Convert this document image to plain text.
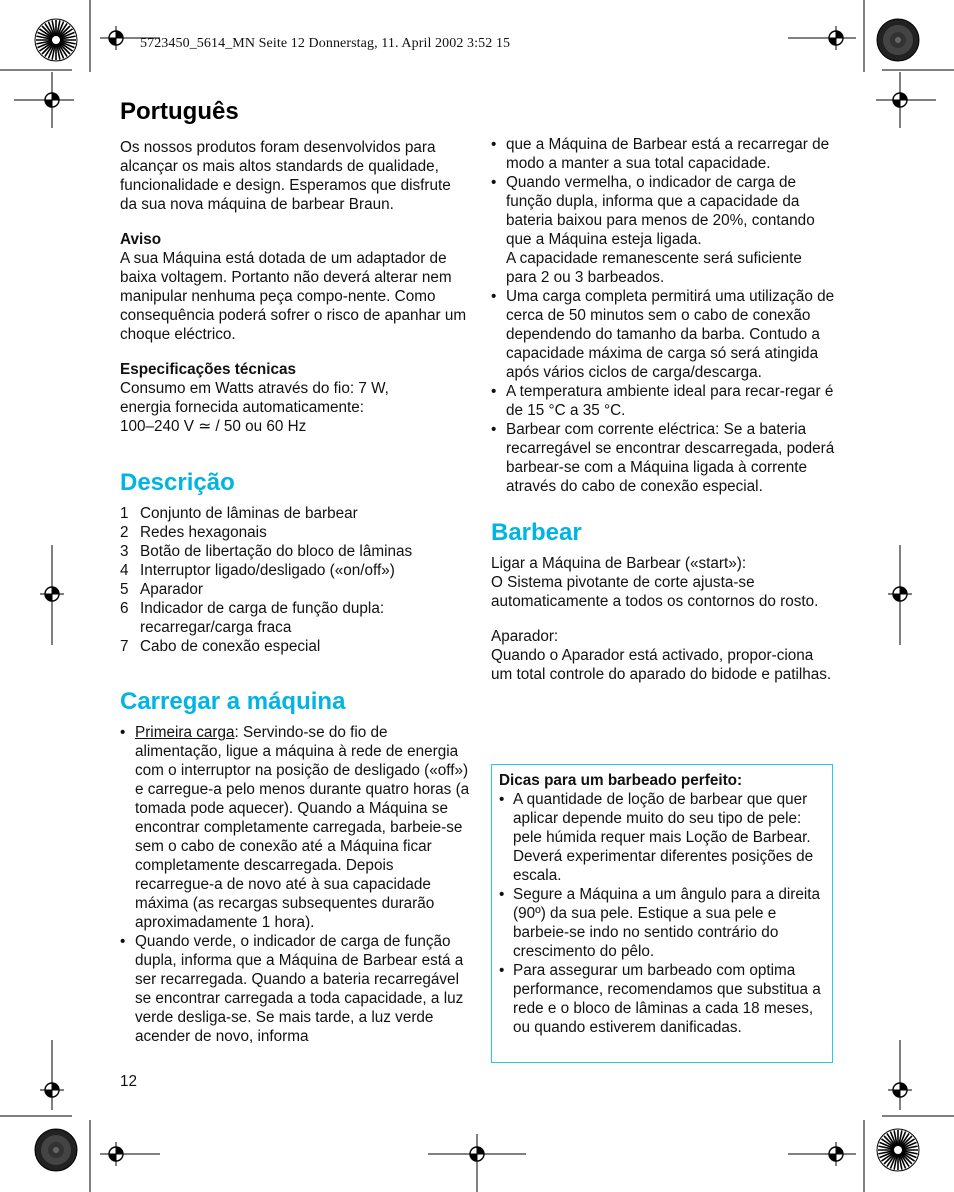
5723450_5614_MN Seite 12 Donnerstag, 11. April 2002 3:52 15
Português

Os nossos produtos foram desenvolvidos para alcançar os mais altos standards de qualidade, funcionalidade e design. Esperamos que disfrute da sua nova máquina de barbear Braun.

Aviso

A sua Máquina está dotada de um adaptador de baixa voltagem. Portanto não deverá alterar nem manipular nenhuma peça compo-nente. Como consequência poderá sofrer o risco de apanhar um choque eléctrico.

Especificações técnicas

Consumo em Watts através do fio: 7 W,

energia fornecida automaticamente:

100–240 V ≃ / 50 ou 60 Hz

Descrição
1 Conjunto de lâminas de barbear
2 Redes hexagonais
3 Botão de libertação do bloco de lâminas
4 Interruptor ligado/desligado («on/off»)
5 Aparador
6 Indicador de carga de função dupla: recarregar/carga fraca
7 Cabo de conexão especial
Carregar a máquina
• Primeira carga: Servindo-se do fio de alimentação, ligue a máquina à rede de energia com o interruptor na posição de desligado («off») e carregue-a pelo menos durante quatro horas (a tomada pode aquecer). Quando a Máquina se encontrar completamente carregada, barbeie-se sem o cabo de conexão até a Máquina ficar completamente descarregada. Depois recarregue-a de novo até à sua capacidade máxima (as recargas subsequentes durarão aproximadamente 1 hora).
• Quando verde, o indicador de carga de função dupla, informa que a Máquina de Barbear está a ser recarregada. Quando a bateria recarregável se encontrar carregada a toda capacidade, a luz verde desliga-se. Se mais tarde, a luz verde acender de novo, informa
• que a Máquina de Barbear está a recarregar de modo a manter a sua total capacidade.
• Quando vermelha, o indicador de carga de função dupla, informa que a capacidade da bateria baixou para menos de 20%, contando que a Máquina esteja ligada.
A capacidade remanescente será suficiente para 2 ou 3 barbeados.
• Uma carga completa permitirá uma utilização de cerca de 50 minutos sem o cabo de conexão dependendo do tamanho da barba. Contudo a capacidade máxima de carga só será atingida após vários ciclos de carga/descarga.
• A temperatura ambiente ideal para recar-regar é de 15 °C a 35 °C.
• Barbear com corrente eléctrica: Se a bateria recarregável se encontrar descarregada, poderá barbear-se com a Máquina ligada à corrente através do cabo de conexão especial.
Barbear

Ligar a Máquina de Barbear («start»):

O Sistema pivotante de corte ajusta-se automaticamente a todos os contornos do rosto.

Aparador:

Quando o Aparador está activado, propor-ciona um total controle do aparado do bidode e patilhas.

Dicas para um barbeado perfeito:

• A quantidade de loção de barbear que quer aplicar depende muito do seu tipo de pele: pele húmida requer mais Loção de Barbear. Deverá experimentar diferentes posições de escala.
• Segure a Máquina a um ângulo para a direita (90º) da sua pele. Estique a sua pele e barbeie-se indo no sentido contrário do crescimento do pêlo.
• Para assegurar um barbeado com optima performance, recomendamos que substitua a rede e o bloco de lâminas a cada 18 meses, ou quando estiverem danificadas.
12
